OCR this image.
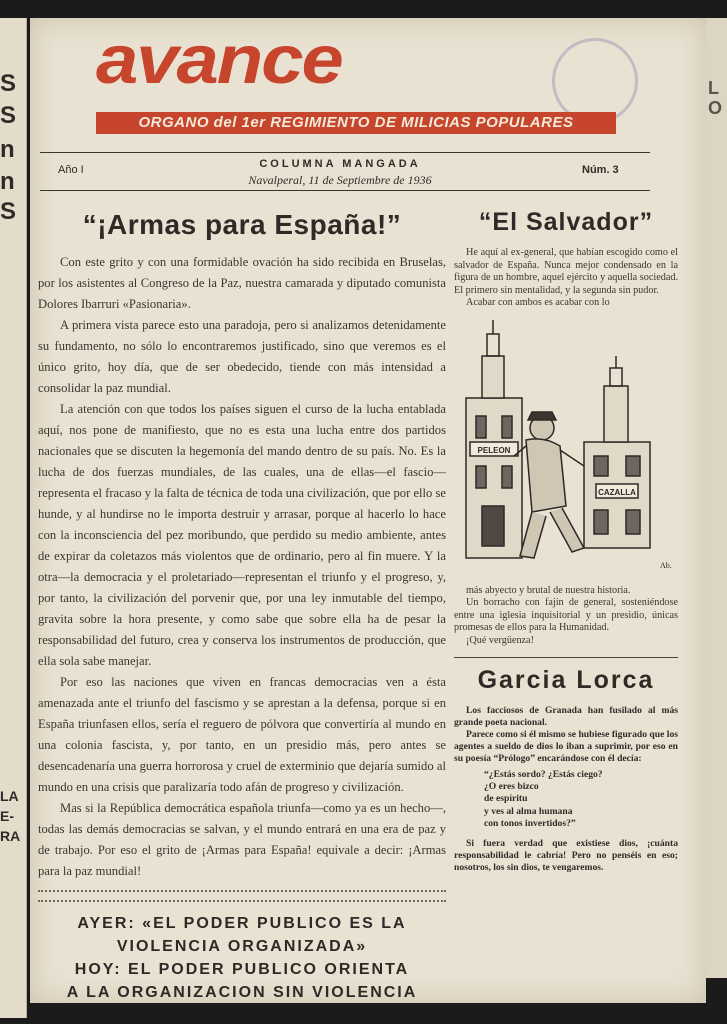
S
S
n
n
S
LA
E-
RA
L
O
avance
ORGANO del 1er REGIMIENTO DE MILICIAS POPULARES
Año I	COLUMNA MANGADA
Navalperal, 11 de Septiembre de 1936
Núm. 3
“¡Armas para España!”

Con este grito y con una formidable ovación ha sido recibida en Bruselas, por los asistentes al Congreso de la Paz, nuestra camarada y diputado comunista Dolores Ibarruri «Pasionaria».

A primera vista parece esto una paradoja, pero si analizamos detenidamente su fundamento, no sólo lo encontraremos justificado, sino que veremos es el único grito, hoy día, que de ser obedecido, tiende con más intensidad a consolidar la paz mundial.

La atención con que todos los países siguen el curso de la lucha entablada aquí, nos pone de manifiesto, que no es esta una lucha entre dos partidos nacionales que se discuten la hegemonía del mando dentro de su país. No. Es la lucha de dos fuerzas mundiales, de las cuales, una de ellas—el fascio—representa el fracaso y la falta de técnica de toda una civilización, que por ello se hunde, y al hundirse no le importa destruir y arrasar, porque al hacerlo lo hace con la inconsciencia del pez moribundo, que perdido su medio ambiente, antes de expirar da coletazos más violentos que de ordinario, pero al fin muere. Y la otra—la democracia y el proletariado—representan el triunfo y el progreso, y, por tanto, la civilización del porvenir que, por una ley inmutable del tiempo, gravita sobre la hora presente, y como sabe que sobre ella ha de pesar la responsabilidad del futuro, crea y conserva los instrumentos de producción, que ella sola sabe manejar.

Por eso las naciones que viven en francas democracias ven a ésta amenazada ante el triunfo del fascismo y se aprestan a la defensa, porque si en España triunfasen ellos, sería el reguero de pólvora que convertiría al mundo en una colonia fascista, y, por tanto, en un presidio más, pero antes se desencadenaría una guerra horrorosa y cruel de exterminio que dejaría sumido al mundo en una crisis que paralizaría todo afán de progreso y civilización.

Mas si la República democrática española triunfa—como ya es un hecho—, todas las demás democracias se salvan, y el mundo entrará en una era de paz y de trabajo. Por eso el grito de ¡Armas para España! equivale a decir: ¡Armas para la paz mundial!

AYER: «EL PODER PUBLICO ES LA

VIOLENCIA ORGANIZADA»

HOY: EL PODER PUBLICO ORIENTA

A LA ORGANIZACION SIN VIOLENCIA

“El Salvador”

He aquí al ex-general, que habían escogido como el salvador de España. Nunca mejor condensado en la figura de un hombre, aquel ejército y aquella sociedad. El primero sin mentalidad, y la segunda sin pudor.

Acabar con ambos es acabar con lo

PELEON
CAZALLA
Ab.

más abyecto y brutal de nuestra historia.

Un borracho con fajín de general, sosteniéndose entre una iglesia inquisitorial y un presidio, únicas promesas de ellos para la Humanidad.

¡Qué vergüenza!

Garcia Lorca

Los facciosos de Granada han fusilado al más grande poeta nacional.

Parece como si él mismo se hubiese figurado que los agentes a sueldo de dios lo iban a suprimir, por eso en su poesía “Prólogo” encarándose con él decía:

“¿Estás sordo? ¿Estás ciego?
¿O eres bizco
de espíritu
y ves al alma humana
con tonos invertidos?”

Si fuera verdad que existiese dios, ¡cuánta responsabilidad le cabría! Pero no penséis en eso; nosotros, los sin dios, te vengaremos.
